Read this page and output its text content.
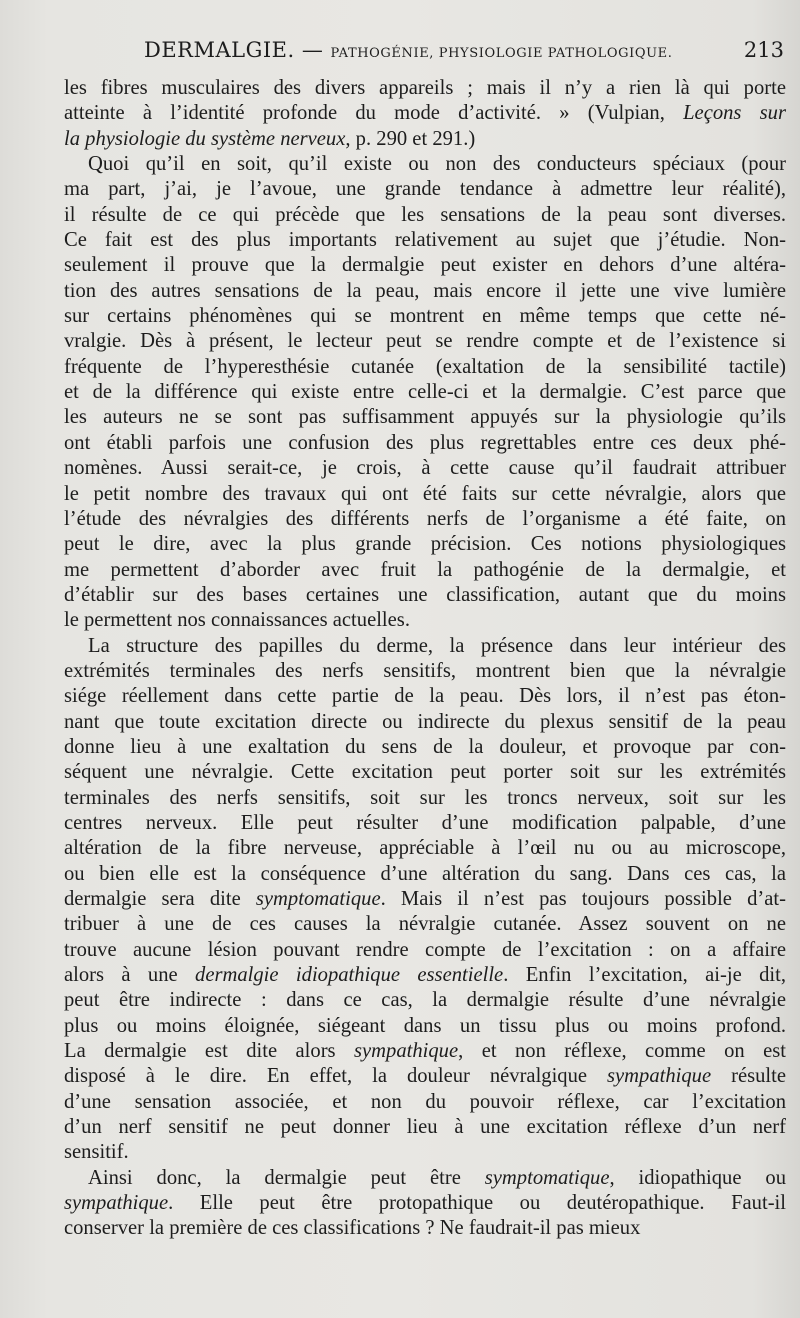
DERMALGIE. — PATHOGÉNIE, PHYSIOLOGIE PATHOLOGIQUE.	213
les fibres musculaires des divers appareils ; mais il n’y a rien là qui porte
atteinte à l’identité profonde du mode d’activité. » (Vulpian, Leçons sur
la physiologie du système nerveux, p. 290 et 291.)
Quoi qu’il en soit, qu’il existe ou non des conducteurs spéciaux (pour
ma part, j’ai, je l’avoue, une grande tendance à admettre leur réalité),
il résulte de ce qui précède que les sensations de la peau sont diverses.
Ce fait est des plus importants relativement au sujet que j’étudie. Non-
seulement il prouve que la dermalgie peut exister en dehors d’une altéra-
tion des autres sensations de la peau, mais encore il jette une vive lumière
sur certains phénomènes qui se montrent en même temps que cette né-
vralgie. Dès à présent, le lecteur peut se rendre compte et de l’existence si
fréquente de l’hyperesthésie cutanée (exaltation de la sensibilité tactile)
et de la différence qui existe entre celle-ci et la dermalgie. C’est parce que
les auteurs ne se sont pas suffisamment appuyés sur la physiologie qu’ils
ont établi parfois une confusion des plus regrettables entre ces deux phé-
nomènes. Aussi serait-ce, je crois, à cette cause qu’il faudrait attribuer
le petit nombre des travaux qui ont été faits sur cette névralgie, alors que
l’étude des névralgies des différents nerfs de l’organisme a été faite, on
peut le dire, avec la plus grande précision. Ces notions physiologiques
me permettent d’aborder avec fruit la pathogénie de la dermalgie, et
d’établir sur des bases certaines une classification, autant que du moins
le permettent nos connaissances actuelles.
La structure des papilles du derme, la présence dans leur intérieur des
extrémités terminales des nerfs sensitifs, montrent bien que la névralgie
siége réellement dans cette partie de la peau. Dès lors, il n’est pas éton-
nant que toute excitation directe ou indirecte du plexus sensitif de la peau
donne lieu à une exaltation du sens de la douleur, et provoque par con-
séquent une névralgie. Cette excitation peut porter soit sur les extrémités
terminales des nerfs sensitifs, soit sur les troncs nerveux, soit sur les
centres nerveux. Elle peut résulter d’une modification palpable, d’une
altération de la fibre nerveuse, appréciable à l’œil nu ou au microscope,
ou bien elle est la conséquence d’une altération du sang. Dans ces cas, la
dermalgie sera dite symptomatique. Mais il n’est pas toujours possible d’at-
tribuer à une de ces causes la névralgie cutanée. Assez souvent on ne
trouve aucune lésion pouvant rendre compte de l’excitation : on a affaire
alors à une dermalgie idiopathique essentielle. Enfin l’excitation, ai-je dit,
peut être indirecte : dans ce cas, la dermalgie résulte d’une névralgie
plus ou moins éloignée, siégeant dans un tissu plus ou moins profond.
La dermalgie est dite alors sympathique, et non réflexe, comme on est
disposé à le dire. En effet, la douleur névralgique sympathique résulte
d’une sensation associée, et non du pouvoir réflexe, car l’excitation
d’un nerf sensitif ne peut donner lieu à une excitation réflexe d’un nerf
sensitif.
Ainsi donc, la dermalgie peut être symptomatique, idiopathique ou
sympathique. Elle peut être protopathique ou deutéropathique. Faut-il
conserver la première de ces classifications ? Ne faudrait-il pas mieux
